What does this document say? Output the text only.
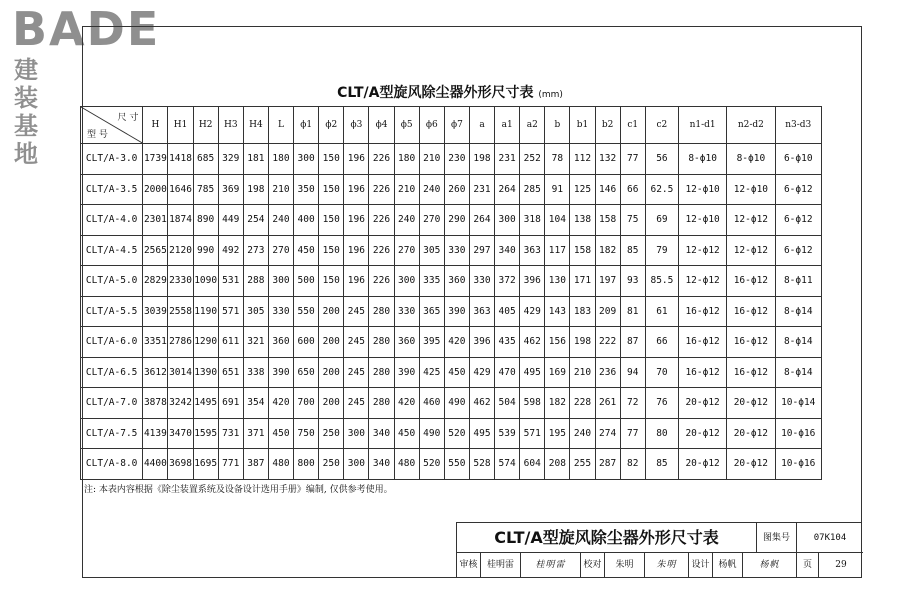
BADE
建装基地
CLT/A型旋风除尘器外形尺寸表 (mm)
尺 寸
型 号	H	H1	H2	H3	H4	L	ϕ1	ϕ2	ϕ3	ϕ4	ϕ5	ϕ6	ϕ7	a	a1	a2	b	b1	b2	c1	c2	n1-d1	n2-d2	n3-d3
CLT/A-3.0	1739	1418	685	329	181	180	300	150	196	226	180	210	230	198	231	252	78	112	132	77	56	8-ϕ10	8-ϕ10	6-ϕ10
CLT/A-3.5	2000	1646	785	369	198	210	350	150	196	226	210	240	260	231	264	285	91	125	146	66	62.5	12-ϕ10	12-ϕ10	6-ϕ12
CLT/A-4.0	2301	1874	890	449	254	240	400	150	196	226	240	270	290	264	300	318	104	138	158	75	69	12-ϕ10	12-ϕ12	6-ϕ12
CLT/A-4.5	2565	2120	990	492	273	270	450	150	196	226	270	305	330	297	340	363	117	158	182	85	79	12-ϕ12	12-ϕ12	6-ϕ12
CLT/A-5.0	2829	2330	1090	531	288	300	500	150	196	226	300	335	360	330	372	396	130	171	197	93	85.5	12-ϕ12	16-ϕ12	8-ϕ11
CLT/A-5.5	3039	2558	1190	571	305	330	550	200	245	280	330	365	390	363	405	429	143	183	209	81	61	16-ϕ12	16-ϕ12	8-ϕ14
CLT/A-6.0	3351	2786	1290	611	321	360	600	200	245	280	360	395	420	396	435	462	156	198	222	87	66	16-ϕ12	16-ϕ12	8-ϕ14
CLT/A-6.5	3612	3014	1390	651	338	390	650	200	245	280	390	425	450	429	470	495	169	210	236	94	70	16-ϕ12	16-ϕ12	8-ϕ14
CLT/A-7.0	3878	3242	1495	691	354	420	700	200	245	280	420	460	490	462	504	598	182	228	261	72	76	20-ϕ12	20-ϕ12	10-ϕ14
CLT/A-7.5	4139	3470	1595	731	371	450	750	250	300	340	450	490	520	495	539	571	195	240	274	77	80	20-ϕ12	20-ϕ12	10-ϕ16
CLT/A-8.0	4400	3698	1695	771	387	480	800	250	300	340	480	520	550	528	574	604	208	255	287	82	85	20-ϕ12	20-ϕ12	10-ϕ16
注: 本表内容根据《除尘装置系统及设备设计选用手册》编制, 仅供参考使用。
CLT/A型旋风除尘器外形尺寸表	图集号	07K104
审核	桂明雷	桂明雷	校对	朱明	朱明	设计 杨帆	杨帆	页	29
